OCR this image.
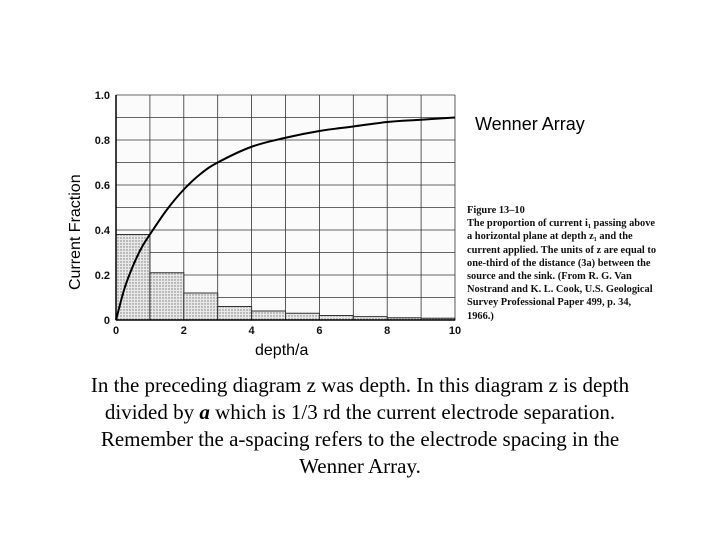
0	2	4	6	8	10
0
0.2
0.4
0.6
0.8
1.0
Current Fraction
depth/a
Wenner Array
Figure 13–10
The proportion of current i₁ passing above a horizontal plane at depth z₁ and the current applied. The units of z are equal to one-third of the distance (3a) between the source and the sink. (From R. G. Van Nostrand and K. L. Cook, U.S. Geological Survey Professional Paper 499, p. 34, 1966.)
In the preceding diagram z was depth. In this diagram z is depth divided by a which is 1/3 rd the current electrode separation. Remember the a-spacing refers to the electrode spacing in the Wenner Array.
